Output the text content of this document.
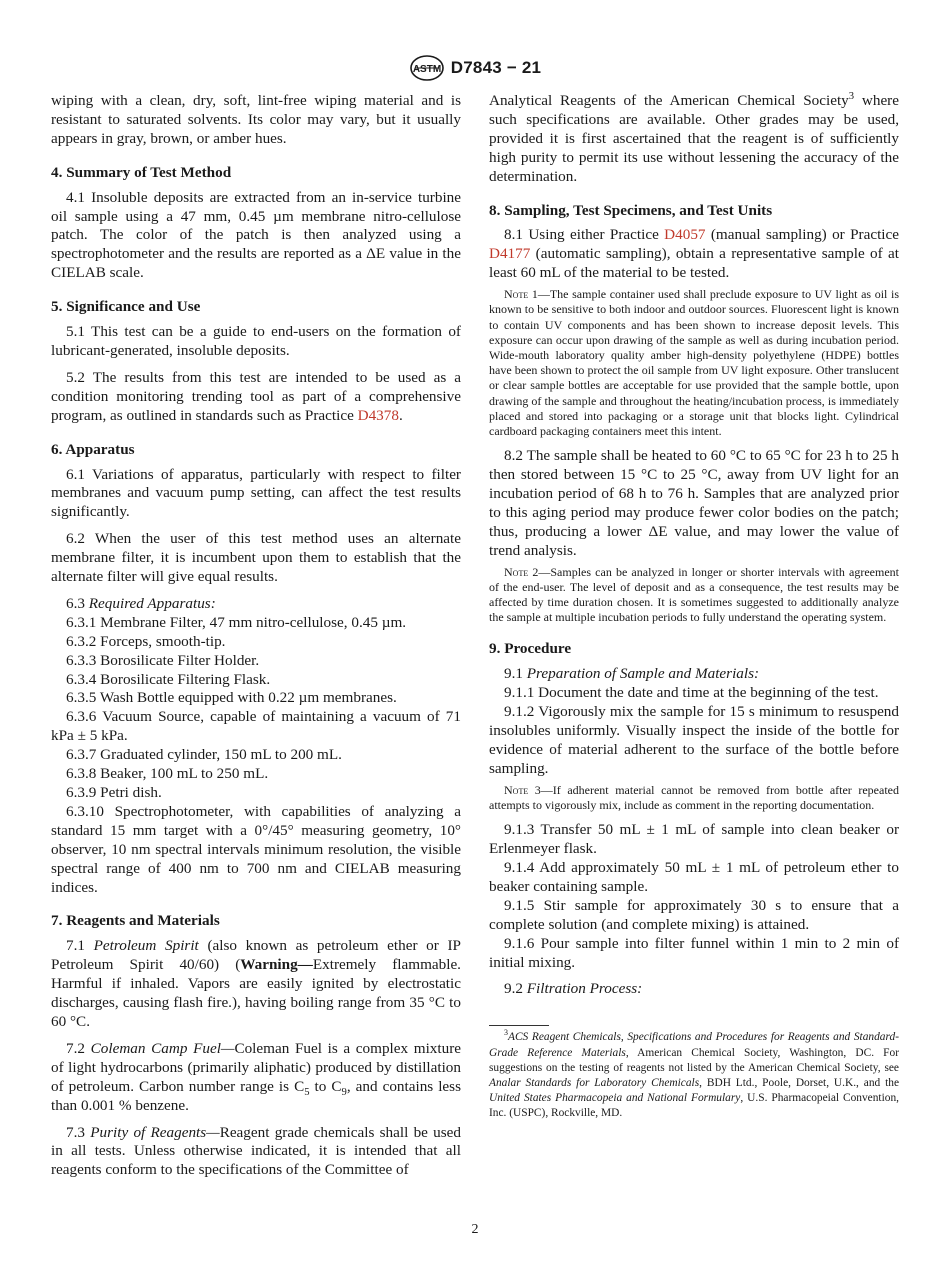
ASTM D7843 − 21

wiping with a clean, dry, soft, lint-free wiping material and is resistant to saturated solvents. Its color may vary, but it usually appears in gray, brown, or amber hues.

4. Summary of Test Method

4.1 Insoluble deposits are extracted from an in-service turbine oil sample using a 47 mm, 0.45 µm membrane nitro-cellulose patch. The color of the patch is then analyzed using a spectrophotometer and the results are reported as a ΔE value in the CIELAB scale.

5. Significance and Use

5.1 This test can be a guide to end-users on the formation of lubricant-generated, insoluble deposits.

5.2 The results from this test are intended to be used as a condition monitoring trending tool as part of a comprehensive program, as outlined in standards such as Practice D4378.

6. Apparatus

6.1 Variations of apparatus, particularly with respect to filter membranes and vacuum pump setting, can affect the test results significantly.

6.2 When the user of this test method uses an alternate membrane filter, it is incumbent upon them to establish that the alternate filter will give equal results.

6.3 Required Apparatus:

6.3.1 Membrane Filter, 47 mm nitro-cellulose, 0.45 µm.

6.3.2 Forceps, smooth-tip.

6.3.3 Borosilicate Filter Holder.

6.3.4 Borosilicate Filtering Flask.

6.3.5 Wash Bottle equipped with 0.22 µm membranes.

6.3.6 Vacuum Source, capable of maintaining a vacuum of 71 kPa ± 5 kPa.

6.3.7 Graduated cylinder, 150 mL to 200 mL.

6.3.8 Beaker, 100 mL to 250 mL.

6.3.9 Petri dish.

6.3.10 Spectrophotometer, with capabilities of analyzing a standard 15 mm target with a 0°/45° measuring geometry, 10° observer, 10 nm spectral intervals minimum resolution, the visible spectral range of 400 nm to 700 nm and CIELAB measuring indices.

7. Reagents and Materials

7.1 Petroleum Spirit (also known as petroleum ether or IP Petroleum Spirit 40/60) (Warning—Extremely flammable. Harmful if inhaled. Vapors are easily ignited by electrostatic discharges, causing flash fire.), having boiling range from 35 °C to 60 °C.

7.2 Coleman Camp Fuel—Coleman Fuel is a complex mixture of light hydrocarbons (primarily aliphatic) produced by distillation of petroleum. Carbon number range is $C_5$ to $C_9$, and contains less than 0.001 % benzene.

7.3 Purity of Reagents—Reagent grade chemicals shall be used in all tests. Unless otherwise indicated, it is intended that all reagents conform to the specifications of the Committee of

Analytical Reagents of the American Chemical Society$^3$ where such specifications are available. Other grades may be used, provided it is first ascertained that the reagent is of sufficiently high purity to permit its use without lessening the accuracy of the determination.

8. Sampling, Test Specimens, and Test Units

8.1 Using either Practice D4057 (manual sampling) or Practice D4177 (automatic sampling), obtain a representative sample of at least 60 mL of the material to be tested.

Note 1—The sample container used shall preclude exposure to UV light as oil is known to be sensitive to both indoor and outdoor sources. Fluorescent light is known to contain UV components and has been shown to increase deposit levels. This exposure can occur upon drawing of the sample as well as during incubation period. Wide-mouth laboratory quality amber high-density polyethylene (HDPE) bottles have been shown to protect the oil sample from UV light exposure. Other translucent or clear sample bottles are acceptable for use provided that the sample bottle, upon drawing of the sample and throughout the heating/incubation process, is immediately placed and stored into packaging or a storage unit that blocks light. Cylindrical cardboard packaging containers meet this intent.

8.2 The sample shall be heated to 60 °C to 65 °C for 23 h to 25 h then stored between 15 °C to 25 °C, away from UV light for an incubation period of 68 h to 76 h. Samples that are analyzed prior to this aging period may produce fewer color bodies on the patch; thus, producing a lower ΔE value, and may lower the value of trend analysis.

Note 2—Samples can be analyzed in longer or shorter intervals with agreement of the end-user. The level of deposit and as a consequence, the test results may be affected by time duration chosen. It is sometimes suggested to additionally analyze the sample at multiple incubation periods to fully understand the operating system.

9. Procedure

9.1 Preparation of Sample and Materials:

9.1.1 Document the date and time at the beginning of the test.

9.1.2 Vigorously mix the sample for 15 s minimum to resuspend insolubles uniformly. Visually inspect the inside of the bottle for evidence of material adherent to the surface of the bottle before sampling.

Note 3—If adherent material cannot be removed from bottle after repeated attempts to vigorously mix, include as comment in the reporting documentation.

9.1.3 Transfer 50 mL ± 1 mL of sample into clean beaker or Erlenmeyer flask.

9.1.4 Add approximately 50 mL ± 1 mL of petroleum ether to beaker containing sample.

9.1.5 Stir sample for approximately 30 s to ensure that a complete solution (and complete mixing) is attained.

9.1.6 Pour sample into filter funnel within 1 min to 2 min of initial mixing.

9.2 Filtration Process:

$^3$ACS Reagent Chemicals, Specifications and Procedures for Reagents and Standard-Grade Reference Materials, American Chemical Society, Washington, DC. For suggestions on the testing of reagents not listed by the American Chemical Society, see Analar Standards for Laboratory Chemicals, BDH Ltd., Poole, Dorset, U.K., and the United States Pharmacopeia and National Formulary, U.S. Pharmacopeial Convention, Inc. (USPC), Rockville, MD.

2
